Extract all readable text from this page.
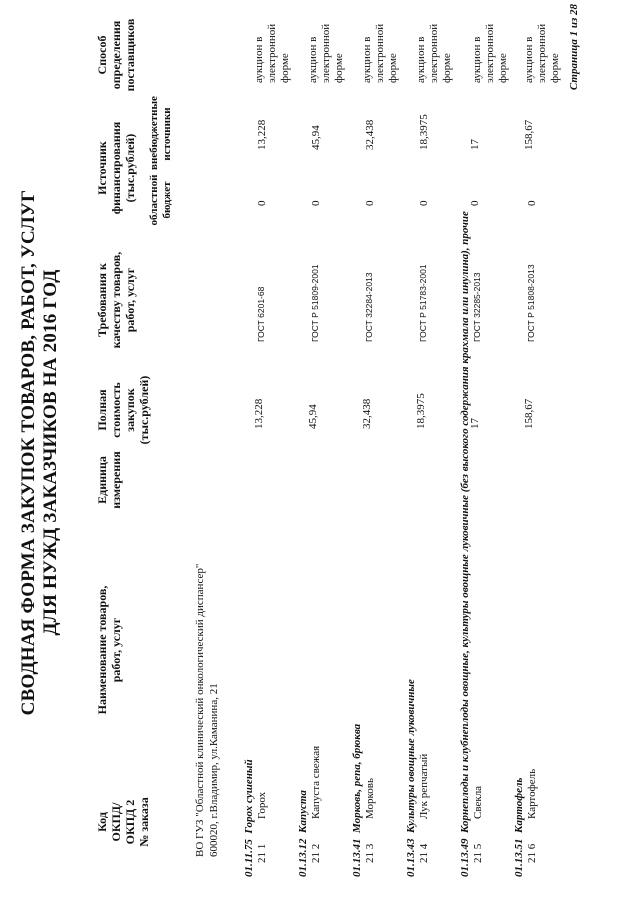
СВОДНАЯ ФОРМА ЗАКУПОК ТОВАРОВ, РАБОТ, УСЛУГ ДЛЯ НУЖД ЗАКАЗЧИКОВ НА 2016 ГОД
Код ОКПД/ ОКПД 2 № заказа
Наименование товаров, работ, услуг
Единица измерения
Полная стоимость закупок (тыс.рублей)
Требования к качеству товаров, работ, услуг
Источник финансирования (тыс.рублей) областной бюджет
внебюджетные источники
Способ определения поставщиков
ВО ГУЗ "Областной клинический онкологический диспансер" 600020, г.Владимир, ул.Каманина, 21
01.11.75  Горох сушеный
21 1
Горох
13,228
ГОСТ 6201-68
0
13,228
аукцион в электронной форме
01.13.12  Капуста
21 2
Капуста свежая
45,94
ГОСТ Р 51809-2001
0
45,94
аукцион в электронной форме
01.13.41  Морковь, репа, брюква
21 3
Морковь
32,438
ГОСТ 32284-2013
0
32,438
аукцион в электронной форме
01.13.43  Культуры овощные луковичные
21 4
Лук репчатый
18,3975
ГОСТ Р 51783-2001
0
18,3975
аукцион в электронной форме
01.13.49  Корнеплоды и клубнеплоды овощные, культуры овощные луковичные (без высокого содержания крахмала или инулина), прочие
21 5
Свекла
17
ГОСТ 32285-2013
0
17
аукцион в электронной форме
01.13.51  Картофель
21 6
Картофель
158,67
ГОСТ Р 51808-2013
0
158,67
аукцион в электронной форме Страница 1 из 28
